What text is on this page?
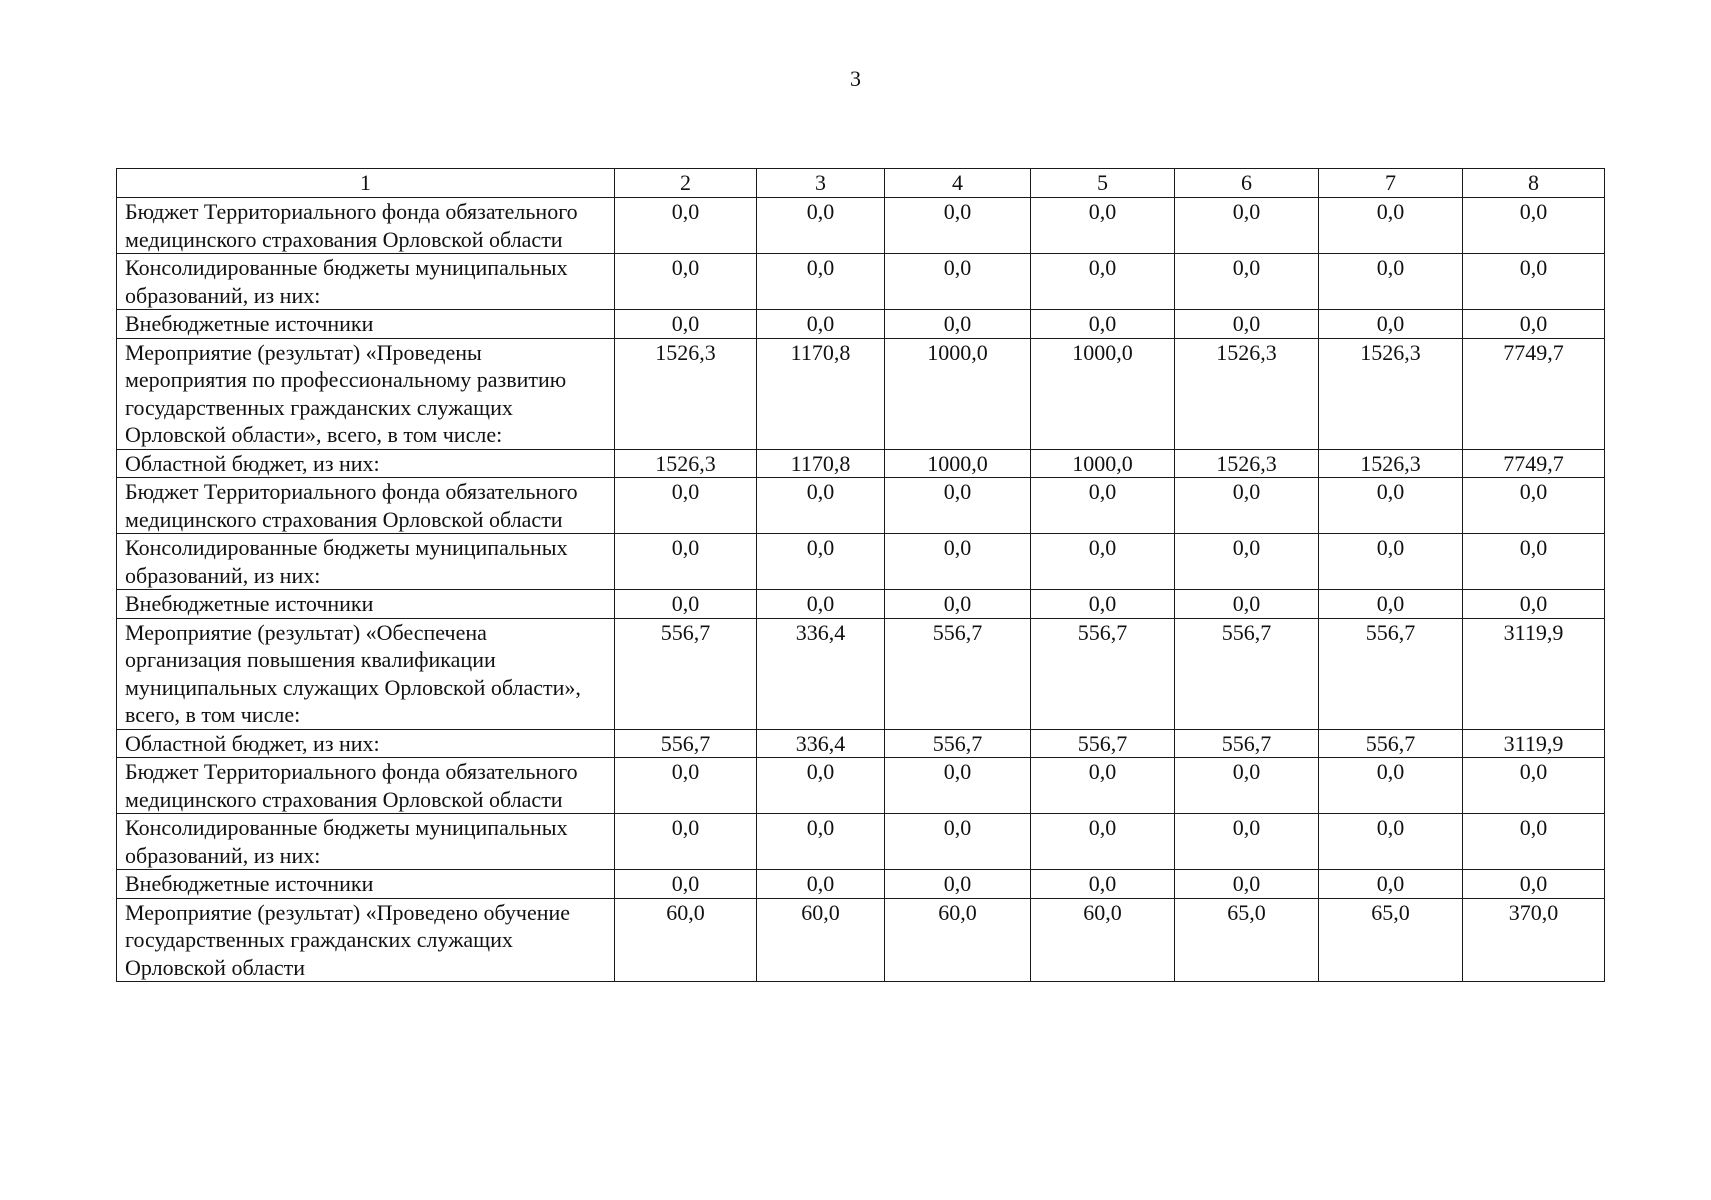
3
1	2	3	4	5	6	7	8
Бюджет Территориального фонда обязательного медицинского страхования Орловской области	0,0	0,0	0,0	0,0	0,0	0,0	0,0
Консолидированные бюджеты муниципальных образований, из них:	0,0	0,0	0,0	0,0	0,0	0,0	0,0
Внебюджетные источники	0,0	0,0	0,0	0,0	0,0	0,0	0,0
Мероприятие (результат) «Проведены мероприятия по профессиональному развитию государственных гражданских служащих Орловской области», всего, в том числе:	1526,3	1170,8	1000,0	1000,0	1526,3	1526,3	7749,7
Областной бюджет, из них:	1526,3	1170,8	1000,0	1000,0	1526,3	1526,3	7749,7
Бюджет Территориального фонда обязательного медицинского страхования Орловской области	0,0	0,0	0,0	0,0	0,0	0,0	0,0
Консолидированные бюджеты муниципальных образований, из них:	0,0	0,0	0,0	0,0	0,0	0,0	0,0
Внебюджетные источники	0,0	0,0	0,0	0,0	0,0	0,0	0,0
Мероприятие (результат) «Обеспечена организация повышения квалификации муниципальных служащих Орловской области», всего, в том числе:	556,7	336,4	556,7	556,7	556,7	556,7	3119,9
Областной бюджет, из них:	556,7	336,4	556,7	556,7	556,7	556,7	3119,9
Бюджет Территориального фонда обязательного медицинского страхования Орловской области	0,0	0,0	0,0	0,0	0,0	0,0	0,0
Консолидированные бюджеты муниципальных образований, из них:	0,0	0,0	0,0	0,0	0,0	0,0	0,0
Внебюджетные источники	0,0	0,0	0,0	0,0	0,0	0,0	0,0
Мероприятие (результат) «Проведено обучение государственных гражданских служащих Орловской области	60,0	60,0	60,0	60,0	65,0	65,0	370,0
